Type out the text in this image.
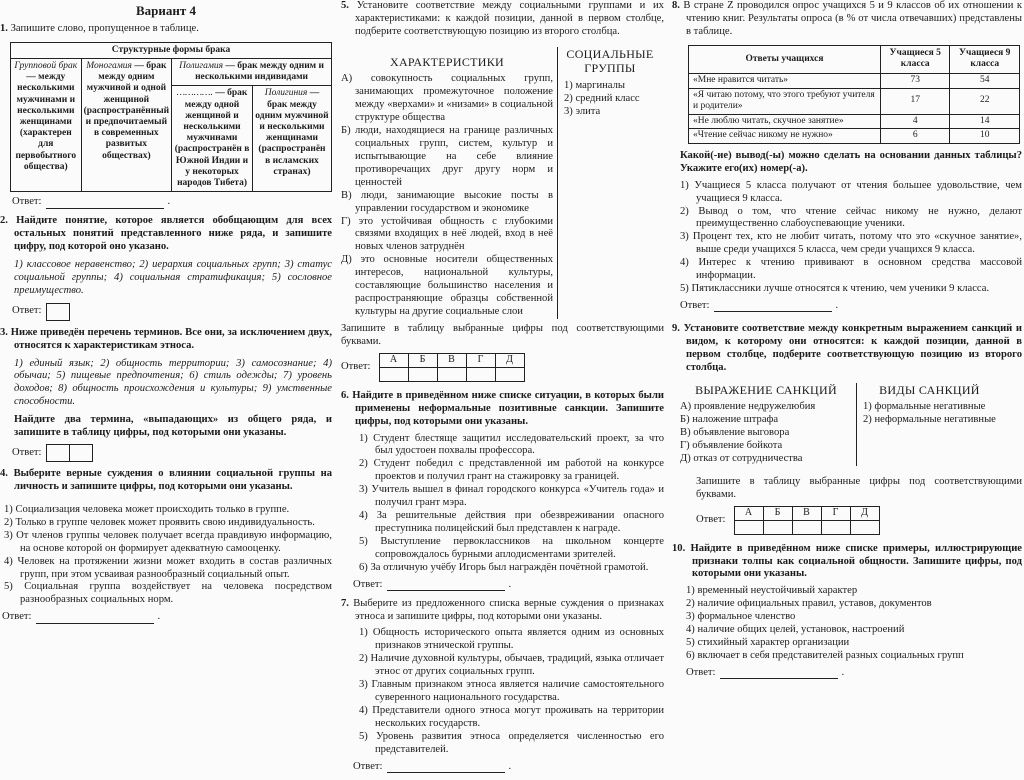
Вариант 4
1. Запишите слово, пропущенное в таблице.
Структурные формы брака			
Групповой брак — между несколькими мужчинами и несколькими женщинами (характерен для первобытного общества)	Моногамия — брак между одним мужчиной и одной женщиной (распространённый и предпочитаемый в современных развитых обществах)	Полигамия — брак между одним и несколькими индивидами	
		…………. — брак между одной женщиной и несколькими мужчинами (распространён в Южной Индии и у некоторых народов Тибета)	Полигиния — брак между одним мужчиной и несколькими женщинами (распространён в исламских странах)
Ответ:	.
2. Найдите понятие, которое является обобщающим для всех остальных понятий представленного ниже ряда, и запишите цифру, под которой оно указано.
1) классовое неравенство; 2) иерархия социальных групп; 3) статус социальной группы; 4) социальная стратификация; 5) сословное преимущество.
Ответ:
3. Ниже приведён перечень терминов. Все они, за исключением двух, относятся к характеристикам этноса.
1) единый язык; 2) общность территории; 3) самосознание; 4) обычаи; 5) пищевые предпочтения; 6) стиль одежды; 7) уровень доходов; 8) общность происхождения и культуры; 9) умственные способности.
Найдите два термина, «выпадающих» из общего ряда, и запишите в таблицу цифры, под которыми они указаны.
Ответ:
4. Выберите верные суждения о влиянии социальной группы на личность и запишите цифры, под которыми они указаны.
1) Социализация человека может происходить только в группе.
2) Только в группе человек может проявить свою индивидуальность.
3) От членов группы человек получает всегда правдивую информацию, на основе которой он формирует адекватную самооценку.
4) Человек на протяжении жизни может входить в состав различных групп, при этом усваивая разнообразный социальный опыт.
5) Социальная группа воздействует на человека посредством разнообразных социальных норм.
Ответ:	.
5. Установите соответствие между социальными группами и их характеристиками: к каждой позиции, данной в первом столбце, подберите соответствующую позицию из второго столбца.
ХАРАКТЕРИСТИКИ
А) совокупность социальных групп, занимающих промежуточное положение между «верхами» и «низами» в социальной структуре общества
Б) люди, находящиеся на границе различных социальных групп, систем, культур и испытывающие на себе влияние противоречащих друг другу норм и ценностей
В) люди, занимающие высокие посты в управлении государством и экономике
Г) это устойчивая общность с глубокими связями входящих в неё людей, вход в неё новых членов затруднён
Д) это основные носители общественных интересов, национальной культуры, составляющие большинство населения и распространяющие образцы собственной культуры на другие социальные слои
СОЦИАЛЬНЫЕ ГРУППЫ
1) маргиналы
2) средний класс
3) элита
Запишите в таблицу выбранные цифры под соответствующими буквами.
Ответ:
А	Б	В	Г	Д

6. Найдите в приведённом ниже списке ситуации, в которых были применены неформальные позитивные санкции. Запишите цифры, под которыми они указаны.
1) Студент блестяще защитил исследовательский проект, за что был удостоен похвалы профессора.
2) Студент победил с представленной им работой на конкурсе проектов и получил грант на стажировку за границей.
3) Учитель вышел в финал городского конкурса «Учитель года» и получил грант мэра.
4) За решительные действия при обезвреживании опасного преступника полицейский был представлен к награде.
5) Выступление первоклассников на школьном концерте сопровождалось бурными аплодисментами зрителей.
6) За отличную учёбу Игорь был награждён почётной грамотой.
Ответ:	.
7. Выберите из предложенного списка верные суждения о признаках этноса и запишите цифры, под которыми они указаны.
1) Общность исторического опыта является одним из основных признаков этнической группы.
2) Наличие духовной культуры, обычаев, традиций, языка отличает этнос от других социальных групп.
3) Главным признаком этноса является наличие самостоятельного суверенного национального государства.
4) Представители одного этноса могут проживать на территории нескольких государств.
5) Уровень развития этноса определяется численностью его представителей.
Ответ:	.
8. В стране Z проводился опрос учащихся 5 и 9 классов об их отношении к чтению книг. Результаты опроса (в % от числа отвечавших) представлены в таблице.
Ответы учащихся	Учащиеся 5 класса	Учащиеся 9 класса
«Мне нравится читать»	73	54
«Я читаю потому, что этого требуют учителя и родители»	17	22
«Не люблю читать, скучное занятие»	4	14
«Чтение сейчас никому не нужно»	6	10
Какой(-ие) вывод(-ы) можно сделать на основании данных таблицы? Укажите его(их) номер(-а).
1) Учащиеся 5 класса получают от чтения большее удовольствие, чем учащиеся 9 класса.
2) Вывод о том, что чтение сейчас никому не нужно, делают преимущественно слабоуспевающие ученики.
3) Процент тех, кто не любит читать, потому что это «скучное занятие», выше среди учащихся 5 класса, чем среди учащихся 9 класса.
4) Интерес к чтению прививают в основном средства массовой информации.
5) Пятиклассники лучше относятся к чтению, чем ученики 9 класса.
Ответ:	.
9. Установите соответствие между конкретным выражением санкций и видом, к которому они относятся: к каждой позиции, данной в первом столбце, подберите соответствующую позицию из второго столбца.
ВЫРАЖЕНИЕ САНКЦИЙ
А) проявление недружелюбия
Б) наложение штрафа
В) объявление выговора
Г) объявление бойкота
Д) отказ от сотрудничества
ВИДЫ САНКЦИЙ
1) формальные негативные
2) неформальные негативные
Запишите в таблицу выбранные цифры под соответствующими буквами.
Ответ:
А	Б	В	Г	Д

10. Найдите в приведённом ниже списке примеры, иллюстрирующие признаки толпы как социальной общности. Запишите цифры, под которыми они указаны.
1) временный неустойчивый характер
2) наличие официальных правил, уставов, документов
3) формальное членство
4) наличие общих целей, установок, настроений
5) стихийный характер организации
6) включает в себя представителей разных социальных групп
Ответ:	.
